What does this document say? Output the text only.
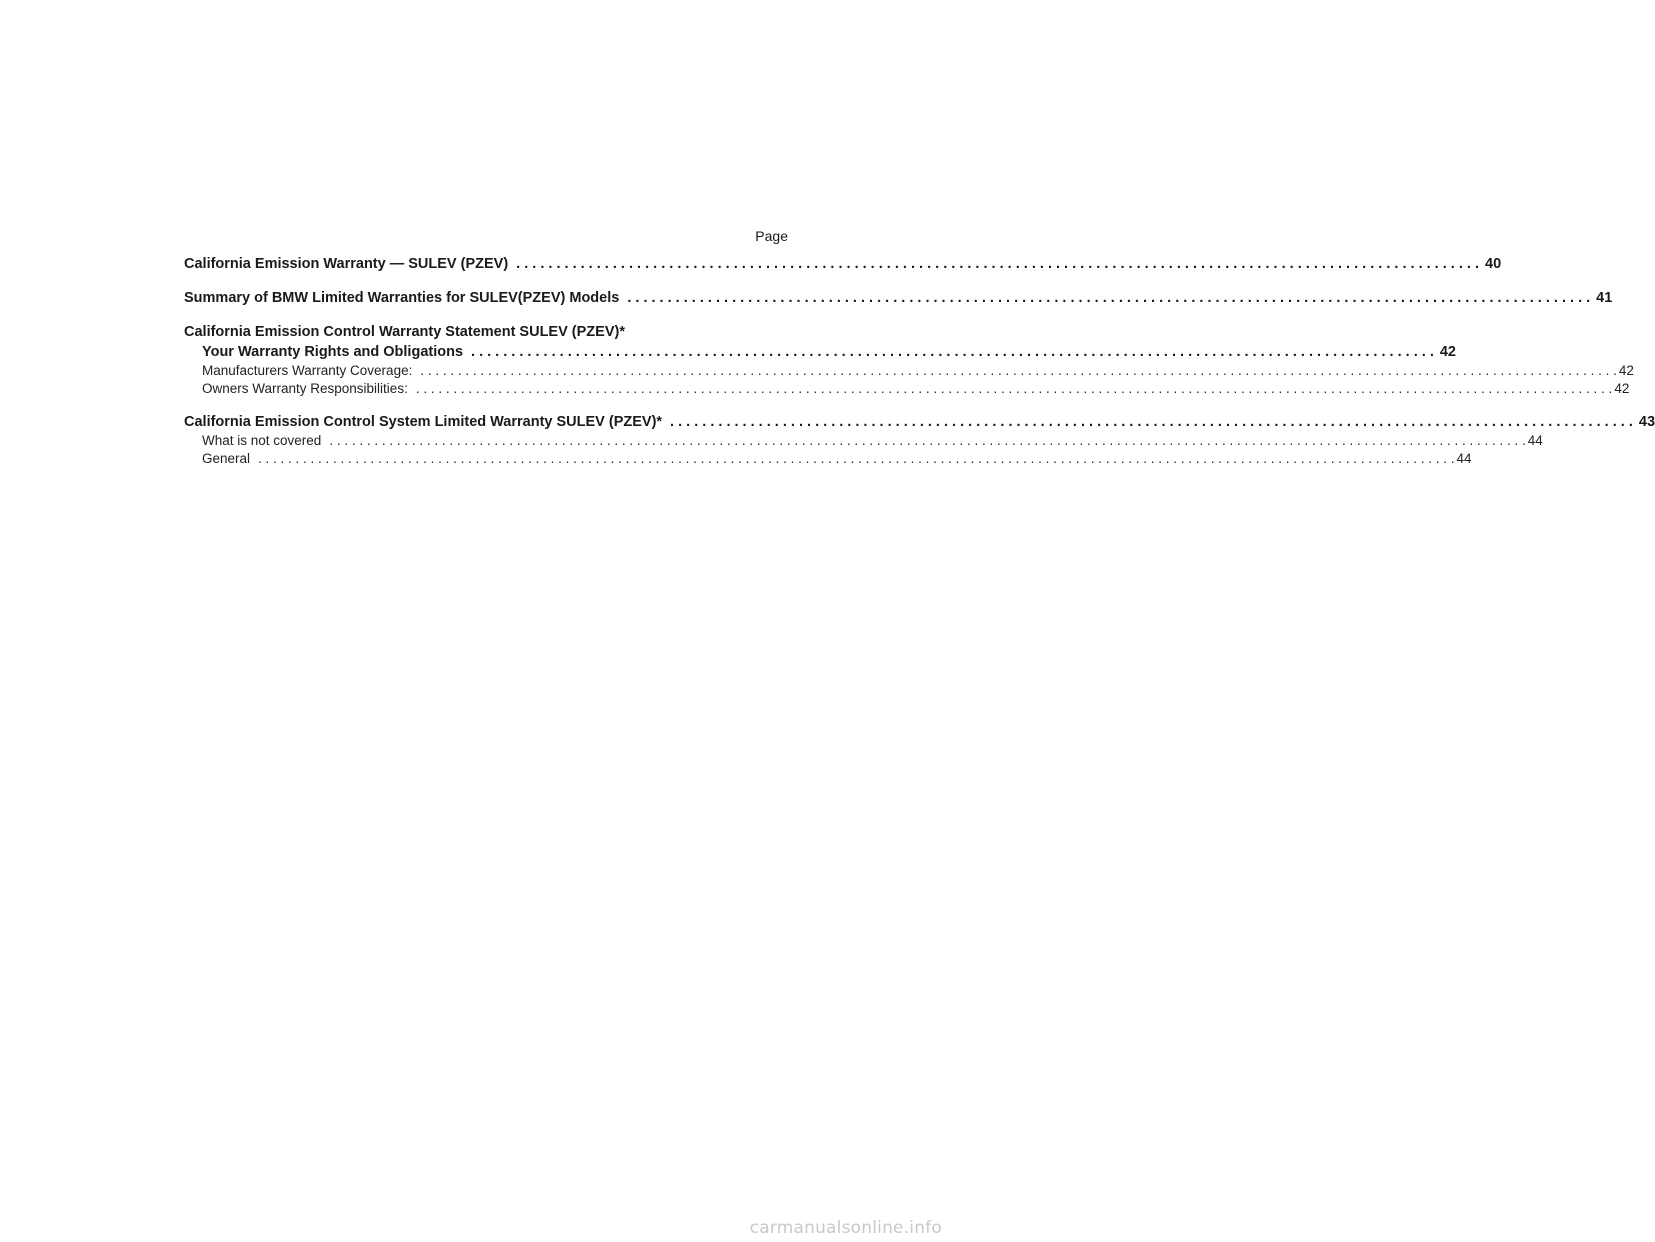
Page
California Emission Warranty — SULEV (PZEV) . . . . . . . . . . . . . . . . . . . . . . . . . . . . . . . . . . . . . . . . . . . . . . . . . . . . . . . . . . . . . . . . . . . . . . . . . . . . . . . . . . . . . . . . . . . . . . . . . . . . . . . . . . . . . . . . . . . . . . . . 40
Summary of BMW Limited Warranties for SULEV(PZEV) Models . . . . . . . . . . . . . . . . . . . . . . . . . . . . . . . . . . . . . . . . . . . . . . . . . . . . . . . . . . . . . . . . . . . . . . . . . . . . . . . . . . . . . . . . . . . . . . . . . . . . . . . . . . . . . . . . . . . . . . . . 41
California Emission Control Warranty Statement SULEV (PZEV)*
Your Warranty Rights and Obligations . . . . . . . . . . . . . . . . . . . . . . . . . . . . . . . . . . . . . . . . . . . . . . . . . . . . . . . . . . . . . . . . . . . . . . . . . . . . . . . . . . . . . . . . . . . . . . . . . . . . . . . . . . . . . . . . . . . . . . . . 42
Manufacturers Warranty Coverage: . . . . . . . . . . . . . . . . . . . . . . . . . . . . . . . . . . . . . . . . . . . . . . . . . . . . . . . . . . . . . . . . . . . . . . . . . . . . . . . . . . . . . . . . . . . . . . . . . . . . . . . . . . . . . . . . . . . . . . . . . . . . . . . . . . . . . . . . . . . . . . . . . . . . . . . . . . . . . . . . 42
Owners Warranty Responsibilities: . . . . . . . . . . . . . . . . . . . . . . . . . . . . . . . . . . . . . . . . . . . . . . . . . . . . . . . . . . . . . . . . . . . . . . . . . . . . . . . . . . . . . . . . . . . . . . . . . . . . . . . . . . . . . . . . . . . . . . . . . . . . . . . . . . . . . . . . . . . . . . . . . . . . . . . . . . . . . . . . 42
California Emission Control System Limited Warranty SULEV (PZEV)* . . . . . . . . . . . . . . . . . . . . . . . . . . . . . . . . . . . . . . . . . . . . . . . . . . . . . . . . . . . . . . . . . . . . . . . . . . . . . . . . . . . . . . . . . . . . . . . . . . . . . . . . . . . . . . . . . . . . . . . . 43
What is not covered . . . . . . . . . . . . . . . . . . . . . . . . . . . . . . . . . . . . . . . . . . . . . . . . . . . . . . . . . . . . . . . . . . . . . . . . . . . . . . . . . . . . . . . . . . . . . . . . . . . . . . . . . . . . . . . . . . . . . . . . . . . . . . . . . . . . . . . . . . . . . . . . . . . . . . . . . . . . . . . . 44
General . . . . . . . . . . . . . . . . . . . . . . . . . . . . . . . . . . . . . . . . . . . . . . . . . . . . . . . . . . . . . . . . . . . . . . . . . . . . . . . . . . . . . . . . . . . . . . . . . . . . . . . . . . . . . . . . . . . . . . . . . . . . . . . . . . . . . . . . . . . . . . . . . . . . . . . . . . . . . . . . 44
carmanualsonline.info
